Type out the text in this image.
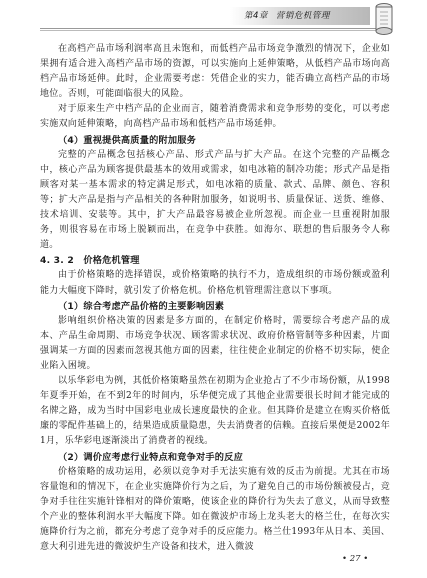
第4章 营销危机管理

在高档产品市场利润率高且未饱和，而低档产品市场竞争激烈的情况下，企业如果拥有适合进入高档产品市场的资源，可以实施向上延伸策略，从低档产品市场向高档产品市场延伸。此时，企业需要考虑：凭借企业的实力，能否确立高档产品的市场地位。否则，可能面临很大的风险。

对于原来生产中档产品的企业而言，随着消费需求和竞争形势的变化，可以考虑实施双向延伸策略，向高档产品市场和低档产品市场延伸。

（4）重视提供高质量的附加服务

完整的产品概念包括核心产品、形式产品与扩大产品。在这个完整的产品概念中，核心产品为顾客提供最基本的效用或需求，如电冰箱的制冷功能；形式产品是指顾客对某一基本需求的特定满足形式，如电冰箱的质量、款式、品牌、颜色、容积等；扩大产品是指与产品相关的各种附加服务，如说明书、质量保证、送货、维修、技术培训、安装等。其中，扩大产品最容易被企业所忽视。而企业一旦重视附加服务，则很容易在市场上脱颖而出，在竞争中获胜。如海尔、联想的售后服务令人称道。

4. 3. 2　价格危机管理

由于价格策略的选择错误，或价格策略的执行不力，造成组织的市场份额或盈利能力大幅度下降时，就引发了价格危机。价格危机管理需注意以下事项。

（1）综合考虑产品价格的主要影响因素

影响组织价格决策的因素是多方面的，在制定价格时，需要综合考虑产品的成本、产品生命周期、市场竞争状况、顾客需求状况、政府价格管制等多种因素，片面强调某一方面的因素而忽视其他方面的因素，往往使企业制定的价格不切实际，使企业陷入困境。

以乐华彩电为例，其低价格策略虽然在初期为企业抢占了不少市场份额，从1998年夏季开始，在不到2年的时间内，乐华便完成了其他企业需要很长时间才能完成的名牌之路，成为当时中国彩电业成长速度最快的企业。但其降价是建立在购买价格低廉的零配件基础上的，结果造成质量隐患，失去消费者的信赖。直接后果便是2002年1月，乐华彩电逐渐淡出了消费者的视线。

（2）调价应考虑行业特点和竞争对手的反应

价格策略的成功运用，必须以竞争对手无法实施有效的反击为前提。尤其在市场容量饱和的情况下，在企业实施降价行为之后，为了避免自己的市场份额被侵占，竞争对手往往实施针锋相对的降价策略，使该企业的降价行为失去了意义，从而导致整个产业的整体利润水平大幅度下降。如在微波炉市场上龙头老大的格兰仕，在每次实施降价行为之前，都充分考虑了竞争对手的反应能力。格兰仕1993年从日本、美国、意大利引进先进的微波炉生产设备和技术，进入微波

• 27 •
